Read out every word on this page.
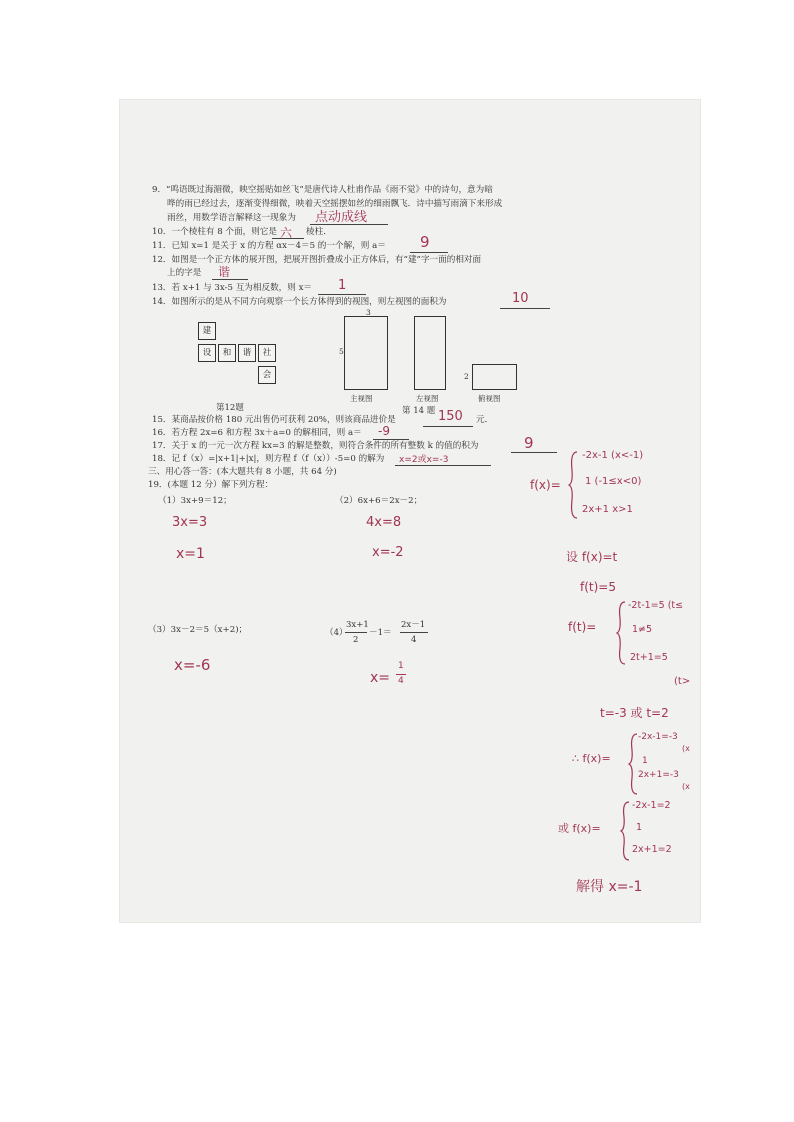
9．“鸣语既过海湄微，映空摇贴如丝飞”是唐代诗人杜甫作品《雨不觉》中的诗句，意为暗
哗的雨已经过去，逐渐变得细微，映着天空摇摆如丝的细雨飘飞．诗中描写雨滴下来形成
雨丝，用数学语言解释这一现象为 点动成线
10．一个棱柱有 8 个面，则它是 六 棱柱．
11．已知 x=1 是关于 x 的方程 αx－4＝5 的一个解，则 a＝ 9
12．如图是一个正方体的展开图，把展开图折叠成小正方体后，有“建”字一面的相对面
上的字是 谐
13．若 x+1 与 3x-5 互为相反数，则 x＝ 1
14．如图所示的是从不同方向观察一个长方体得到的视图，则左视图的面积为	10
建
设	和	谐	社
会
第12题
3
5
主视图	左视图
2
俯视图
第 14 题
15．某商品按价格 180 元出售仍可获利 20%，则该商品进价是	150 元．
16．若方程 2x=6 和方程 3x＋a=0 的解相同，则 a＝ -9
17．关于 x 的一元一次方程 kx=3 的解是整数，则符合条件的所有整数 k 的值的积为	9
18．记 f（x）=|x+1|+|x|，则方程 f（f（x））-5=0 的解为 x=2或x=-3
三、用心答一答：(本大题共有 8 小题，共 64 分)
19．(本题 12 分）解下列方程：
（1）3x+9＝12；	（2）6x+6＝2x－2；
3x=3
x=1
4x=8
x=-2
（3）3x－2＝5（x+2)；	（4）
3x+1
2
－1＝
2x－1
4
x=-6
x=
1
4
f(x)=
-2x-1 (x<-1)
1 (-1≤x<0)
2x+1 x>1
设 f(x)=t
f(t)=5
f(t)=
-2t-1=5 (t≤
1≠5
2t+1=5
(t>
t=-3 或 t=2
∴ f(x)=
-2x-1=-3
(x
1
2x+1=-3
(x
或 f(x)=
-2x-1=2
1
2x+1=2
解得 x=-1
